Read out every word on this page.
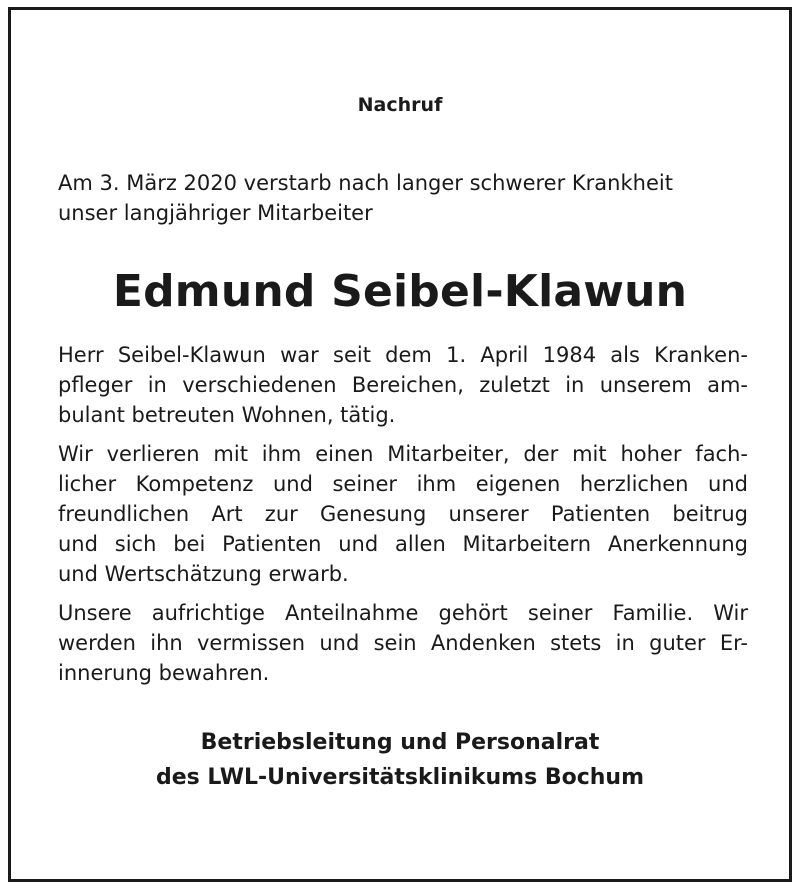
Nachruf
Am 3. März 2020 verstarb nach langer schwerer Krankheit
unser langjähriger Mitarbeiter
Edmund Seibel-Klawun
Herr Seibel-Klawun war seit dem 1. April 1984 als Kranken-
pfleger in verschiedenen Bereichen, zuletzt in unserem am-
bulant betreuten Wohnen, tätig.
Wir verlieren mit ihm einen Mitarbeiter, der mit hoher fach-
licher Kompetenz und seiner ihm eigenen herzlichen und
freundlichen Art zur Genesung unserer Patienten beitrug
und sich bei Patienten und allen Mitarbeitern Anerkennung
und Wertschätzung erwarb.
Unsere aufrichtige Anteilnahme gehört seiner Familie. Wir
werden ihn vermissen und sein Andenken stets in guter Er-
innerung bewahren.
Betriebsleitung und Personalrat
des LWL-Universitätsklinikums Bochum
